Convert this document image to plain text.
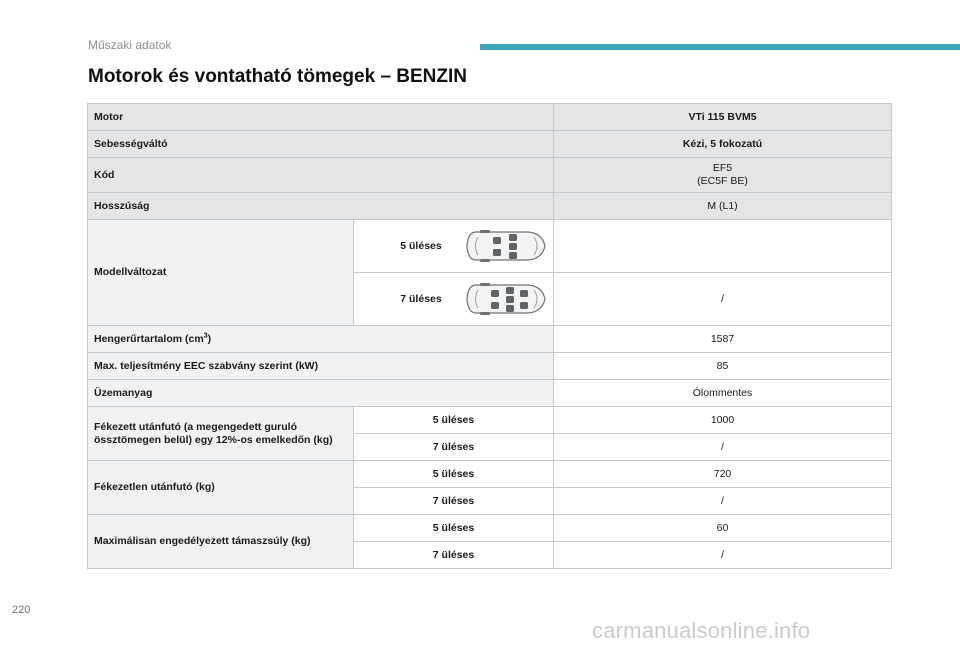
Műszaki adatok
Motorok és vontatható tömegek – BENZIN
Motor		VTi 115 BVM5
Sebességváltó		Kézi, 5 fokozatú
Kód		EF5
(EC5F BE)

Hosszúság		M (L1)
Modellváltozat	5 üléses	

	7 üléses	/
Hengerűrtartalom $(cm^3)$		1587
Max. teljesítmény EEC szabvány szerint (kW)		85
Üzemanyag		Ólommentes
Fékezett utánfutó (a megengedett guruló össztömegen belül) egy 12%-os emelkedőn (kg)	5 üléses	1000
	7 üléses	/
Fékezetlen utánfutó (kg)	5 üléses	720
	7 üléses	/
Maximálisan engedélyezett támaszsúly (kg)	5 üléses	60
	7 üléses	/
220
carmanualsonline.info
